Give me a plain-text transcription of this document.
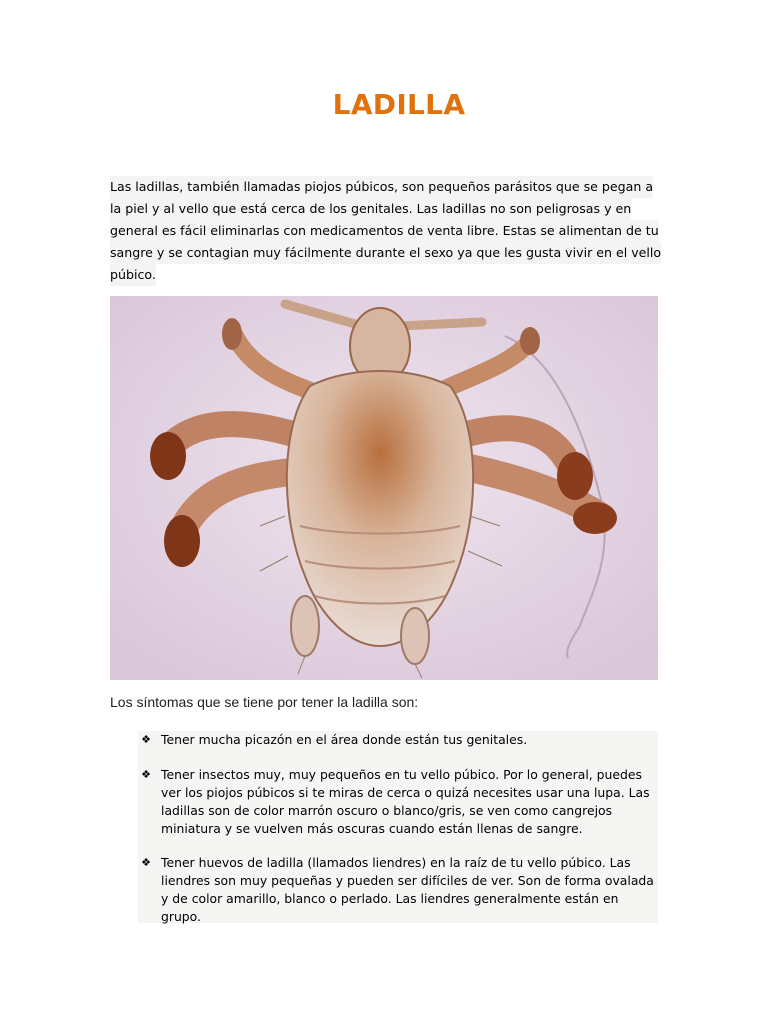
LADILLA
Las ladillas, también llamadas piojos púbicos, son pequeños parásitos que se pegan a
la piel y al vello que está cerca de los genitales. Las ladillas no son peligrosas y en
general es fácil eliminarlas con medicamentos de venta libre. Estas se alimentan de tu
sangre y se contagian muy fácilmente durante el sexo ya que les gusta vivir en el vello
púbico.
Los síntomas que se tiene por tener la ladilla son:
❖ Tener mucha picazón en el área donde están tus genitales.
❖ Tener insectos muy, muy pequeños en tu vello púbico. Por lo general, puedes
ver los piojos púbicos si te miras de cerca o quizá necesites usar una lupa. Las
ladillas son de color marrón oscuro o blanco/gris, se ven como cangrejos
miniatura y se vuelven más oscuras cuando están llenas de sangre.
❖ Tener huevos de ladilla (llamados liendres) en la raíz de tu vello púbico. Las
liendres son muy pequeñas y pueden ser difíciles de ver. Son de forma ovalada
y de color amarillo, blanco o perlado. Las liendres generalmente están en
grupo.
